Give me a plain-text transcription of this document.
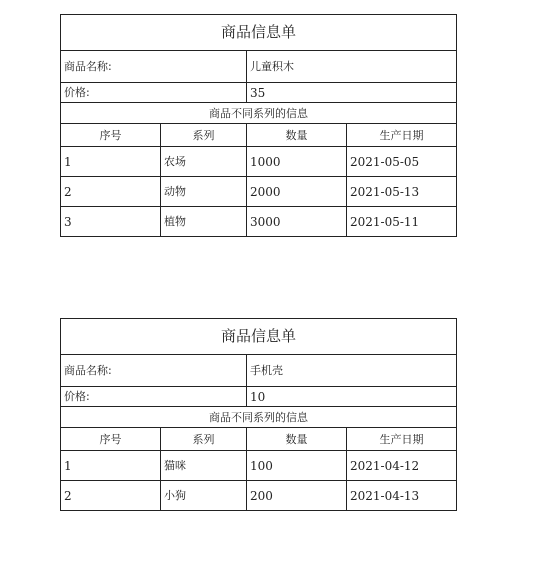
商品信息单			
商品名称:		儿童积木	
价格:		35	
商品不同系列的信息			
序号	系列	数量	生产日期
1	农场	1000	2021-05-05
2	动物	2000	2021-05-13
3	植物	3000	2021-05-11
商品信息单			
商品名称:		手机壳	
价格:		10	
商品不同系列的信息			
序号	系列	数量	生产日期
1	猫咪	100	2021-04-12
2	小狗	200	2021-04-13
